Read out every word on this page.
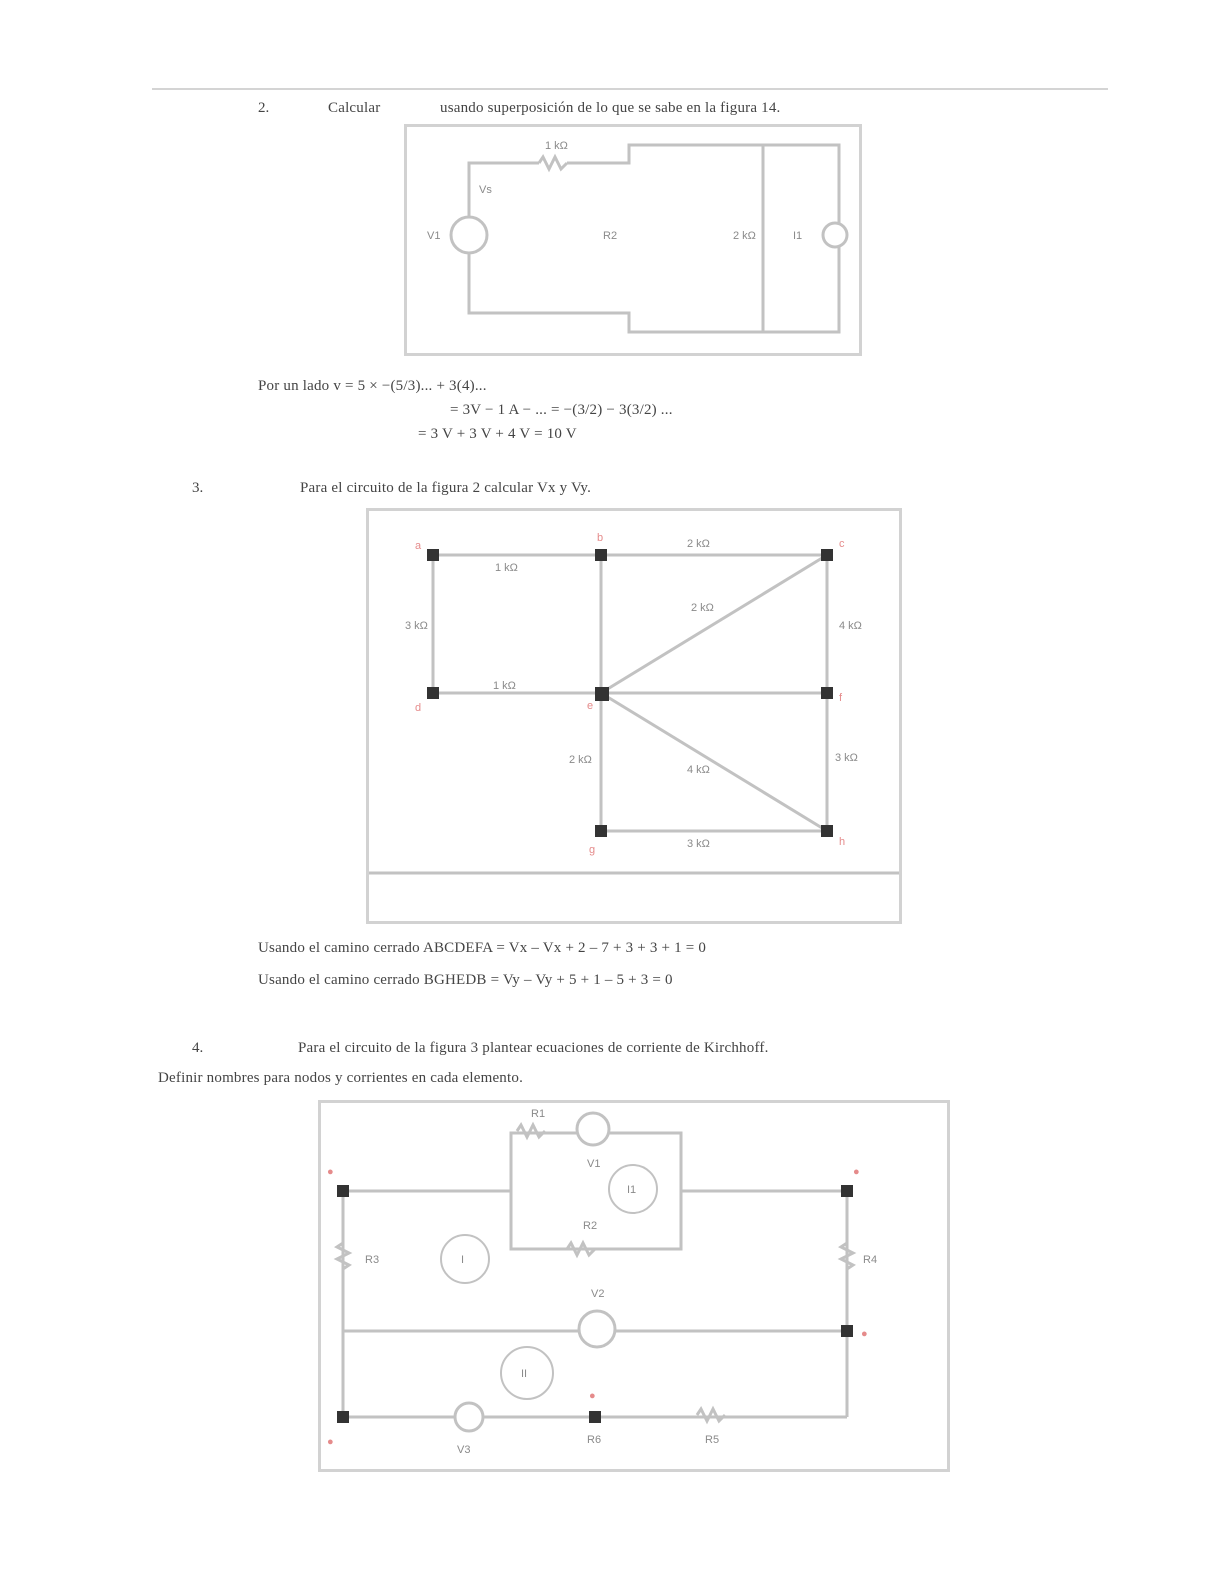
2.	Calcular	usando superposición de lo que se sabe en la figura 14.
V1
Vs
1 kΩ
R2	2 kΩ	I1
Por un lado v = 5 × −(5/3)... + 3(4)...
= 3V − 1 A − ... = −(3/2) − 3(3/2) ...
= 3 V + 3 V + 4 V = 10 V
3.	Para el circuito de la figura 2 calcular Vx y Vy.
a
b	c
d	e
f
g
h
1 kΩ
2 kΩ
3 kΩ
1 kΩ
2 kΩ
4 kΩ
3 kΩ
4 kΩ
2 kΩ
3 kΩ
Usando el camino cerrado ABCDEFA = Vx – Vx + 2 – 7 + 3 + 3 + 1 = 0
Usando el camino cerrado BGHEDB = Vy – Vy + 5 + 1 – 5 + 3 = 0
4.	Para el circuito de la figura 3 plantear ecuaciones de corriente de Kirchhoff.
Definir nombres para nodos y corrientes en cada elemento.
R1
V1
I1
R2
R3	R4
V2
I
II
V3
R6	R5
●	●
●
●
●
